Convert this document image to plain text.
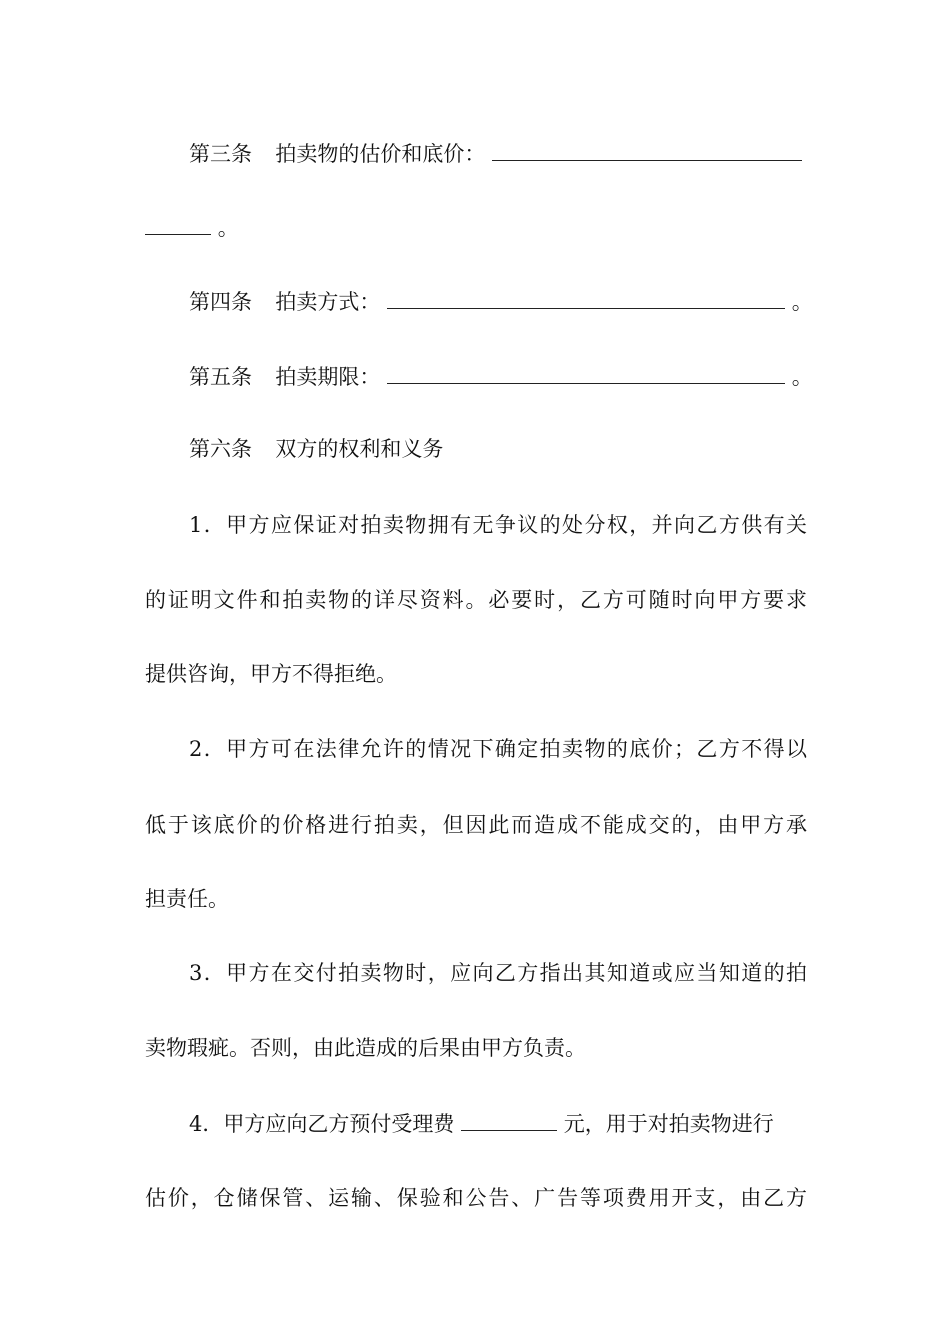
第三条 拍卖物的估价和底价：
。
第四条 拍卖方式：	。
第五条 拍卖期限：	。
第六条 双方的权利和义务
1．甲方应保证对拍卖物拥有无争议的处分权，并向乙方供有关
的证明文件和拍卖物的详尽资料。必要时，乙方可随时向甲方要求
提供咨询，甲方不得拒绝。
2．甲方可在法律允许的情况下确定拍卖物的底价；乙方不得以
低于该底价的价格进行拍卖，但因此而造成不能成交的，由甲方承
担责任。
3．甲方在交付拍卖物时，应向乙方指出其知道或应当知道的拍
卖物瑕疵。否则，由此造成的后果由甲方负责。
4．甲方应向乙方预付受理费	元，用于对拍卖物进行
估价，仓储保管、运输、保验和公告、广告等项费用开支，由乙方
